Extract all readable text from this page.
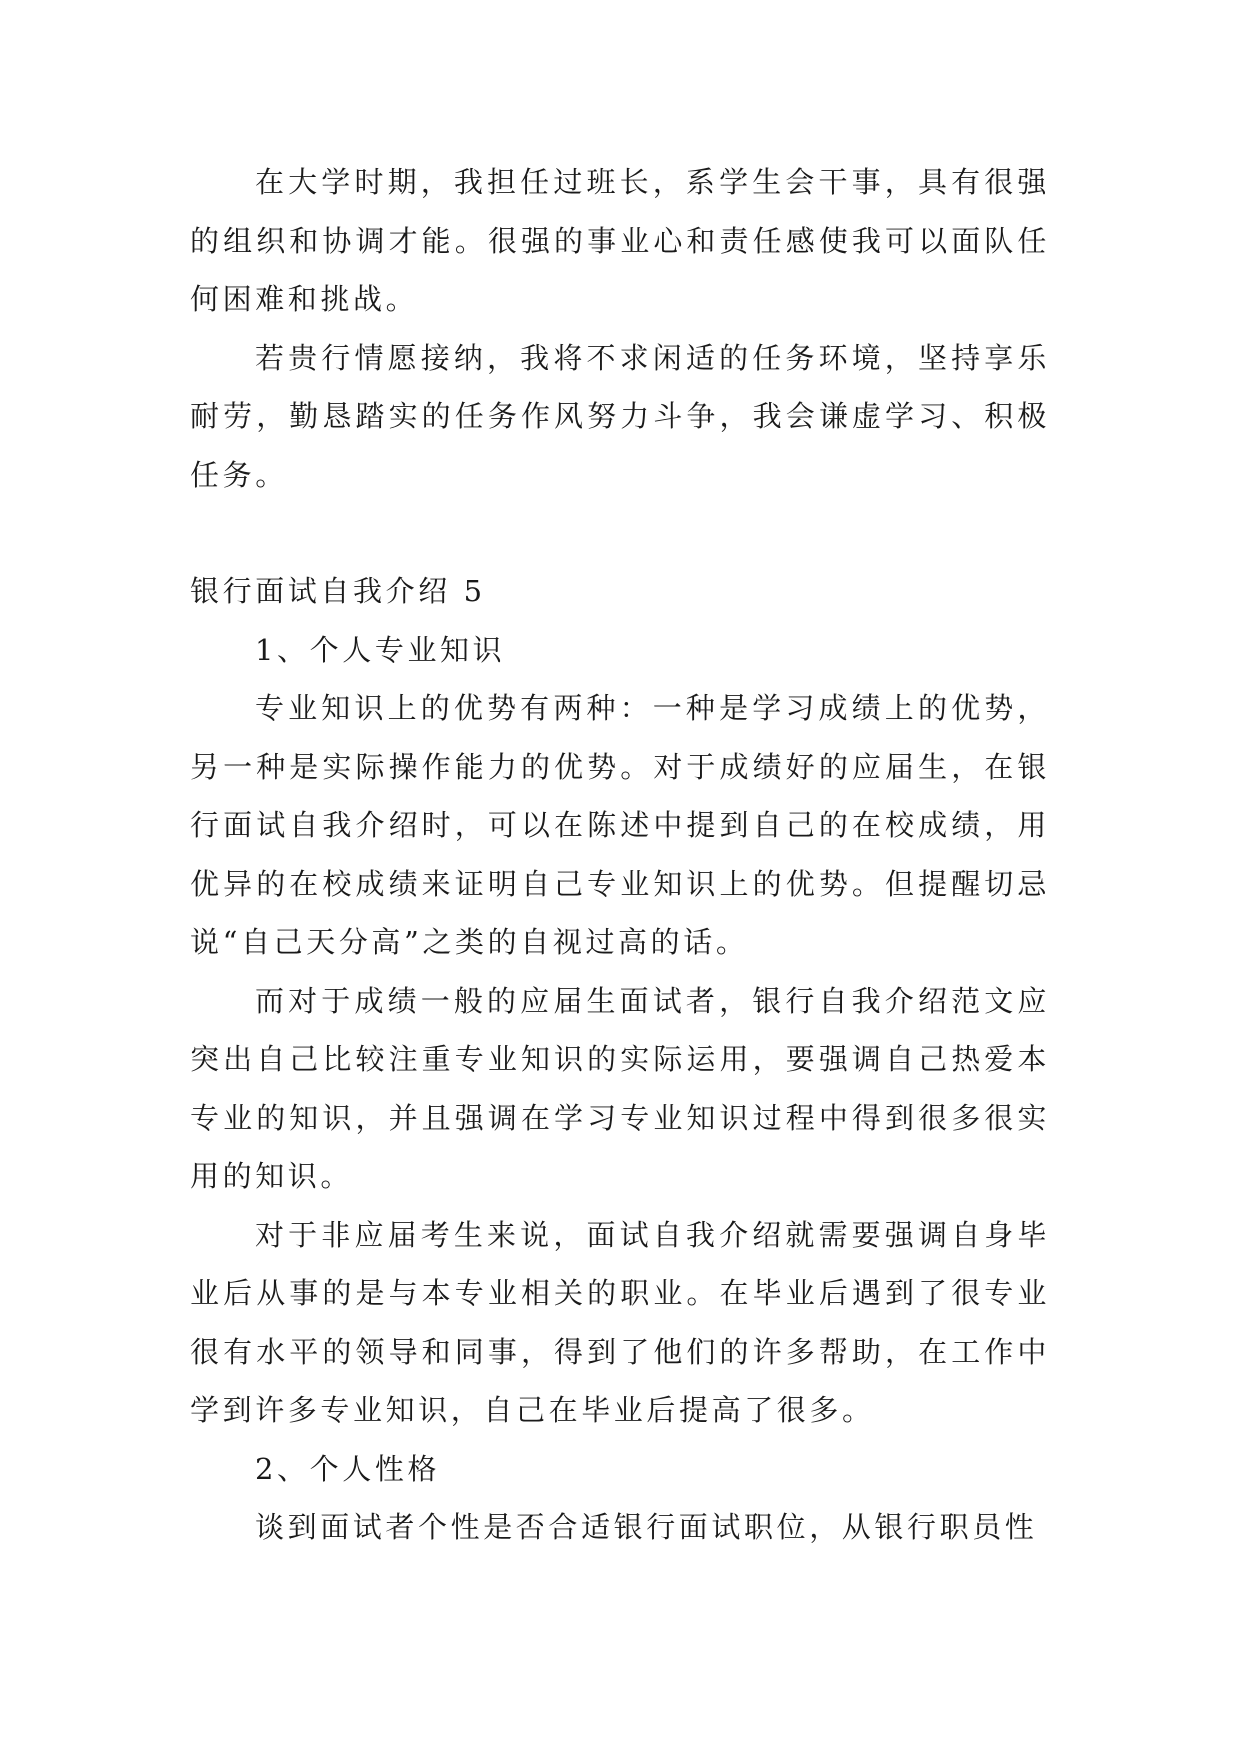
在大学时期，我担任过班长，系学生会干事，具有很强的组织和协调才能。很强的事业心和责任感使我可以面队任何困难和挑战。

若贵行情愿接纳，我将不求闲适的任务环境，坚持享乐耐劳，勤恳踏实的任务作风努力斗争，我会谦虚学习、积极任务。

银行面试自我介绍 5

1、个人专业知识

专业知识上的优势有两种：一种是学习成绩上的优势，另一种是实际操作能力的优势。对于成绩好的应届生，在银行面试自我介绍时，可以在陈述中提到自己的在校成绩，用优异的在校成绩来证明自己专业知识上的优势。但提醒切忌说“自己天分高”之类的自视过高的话。

而对于成绩一般的应届生面试者，银行自我介绍范文应突出自己比较注重专业知识的实际运用，要强调自己热爱本专业的知识，并且强调在学习专业知识过程中得到很多很实用的知识。

对于非应届考生来说，面试自我介绍就需要强调自身毕业后从事的是与本专业相关的职业。在毕业后遇到了很专业很有水平的领导和同事，得到了他们的许多帮助，在工作中学到许多专业知识，自己在毕业后提高了很多。

2、个人性格

谈到面试者个性是否合适银行面试职位，从银行职员性
